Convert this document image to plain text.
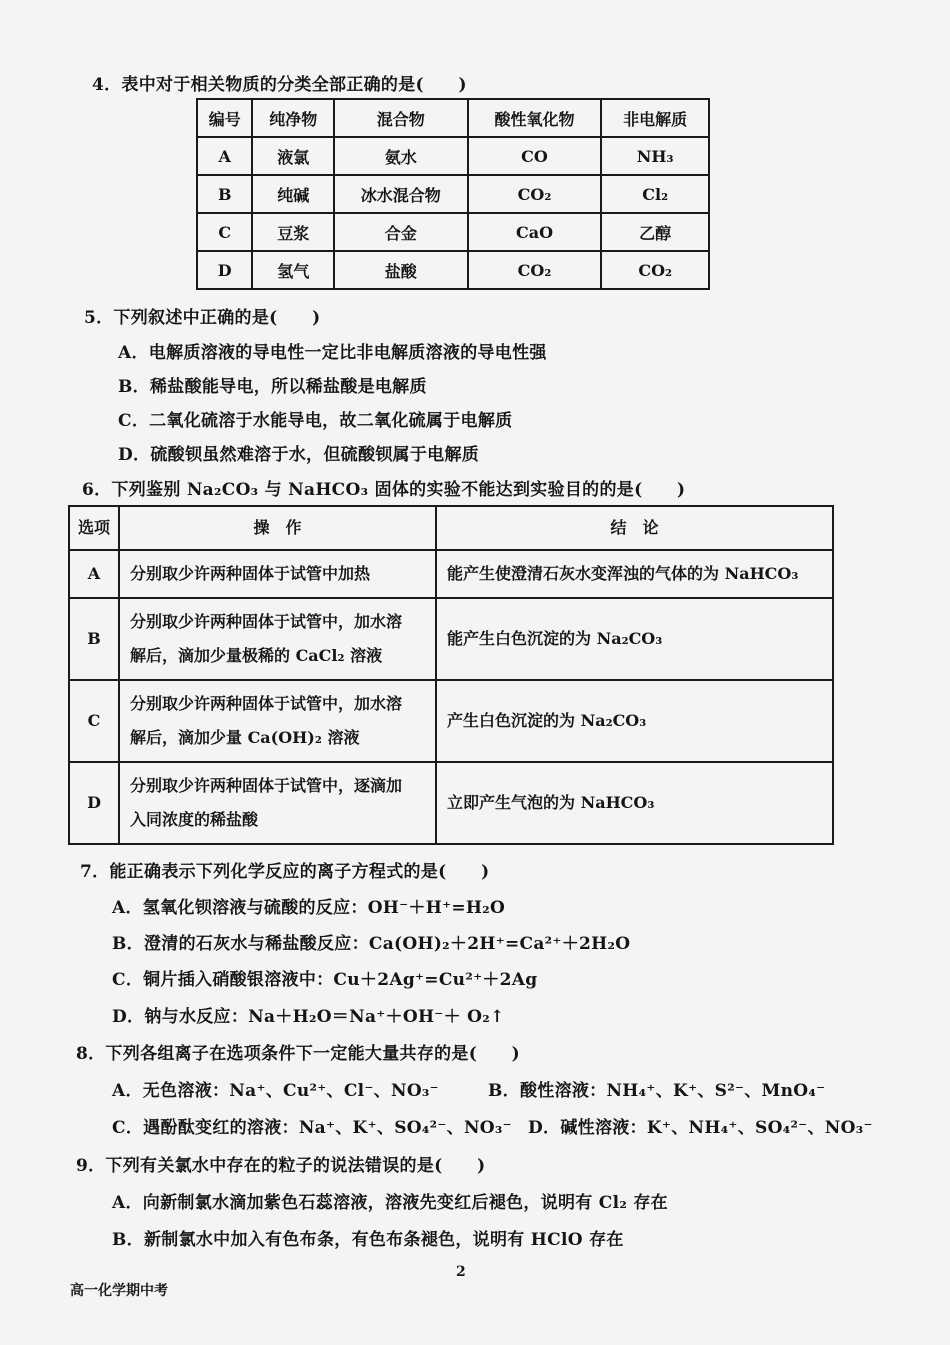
4．表中对于相关物质的分类全部正确的是(　　)
编号	纯净物	混合物	酸性氧化物	非电解质
A	液氯	氨水	CO	NH₃
B	纯碱	冰水混合物	CO₂	Cl₂
C	豆浆	合金	CaO	乙醇
D	氢气	盐酸	CO₂	CO₂
5．下列叙述中正确的是(　　)
A．电解质溶液的导电性一定比非电解质溶液的导电性强
B．稀盐酸能导电，所以稀盐酸是电解质
C．二氧化硫溶于水能导电，故二氧化硫属于电解质
D．硫酸钡虽然难溶于水，但硫酸钡属于电解质
6．下列鉴别 Na₂CO₃ 与 NaHCO₃ 固体的实验不能达到实验目的的是(　　)
选项	操　作	结　论
A	分别取少许两种固体于试管中加热	能产生使澄清石灰水变浑浊的气体的为 NaHCO₃
B	分别取少许两种固体于试管中，加水溶
解后，滴加少量极稀的 CaCl₂ 溶液	能产生白色沉淀的为 Na₂CO₃
C	分别取少许两种固体于试管中，加水溶
解后，滴加少量 Ca(OH)₂ 溶液	产生白色沉淀的为 Na₂CO₃
D	分别取少许两种固体于试管中，逐滴加
入同浓度的稀盐酸	立即产生气泡的为 NaHCO₃
7．能正确表示下列化学反应的离子方程式的是(　　)
A．氢氧化钡溶液与硫酸的反应：OH⁻＋H⁺=H₂O
B．澄清的石灰水与稀盐酸反应：Ca(OH)₂＋2H⁺=Ca²⁺＋2H₂O
C．铜片插入硝酸银溶液中：Cu＋2Ag⁺=Cu²⁺＋2Ag
D．钠与水反应：Na＋H₂O＝Na⁺＋OH⁻＋ O₂↑
8．下列各组离子在选项条件下一定能大量共存的是(　　)
A．无色溶液：Na⁺、Cu²⁺、Cl⁻、NO₃⁻	B．酸性溶液：NH₄⁺、K⁺、S²⁻、MnO₄⁻
C．遇酚酞变红的溶液：Na⁺、K⁺、SO₄²⁻、NO₃⁻ D．碱性溶液：K⁺、NH₄⁺、SO₄²⁻、NO₃⁻
9．下列有关氯水中存在的粒子的说法错误的是(　　)
A．向新制氯水滴加紫色石蕊溶液，溶液先变红后褪色，说明有 Cl₂ 存在
B．新制氯水中加入有色布条，有色布条褪色，说明有 HClO 存在
2
高一化学期中考
